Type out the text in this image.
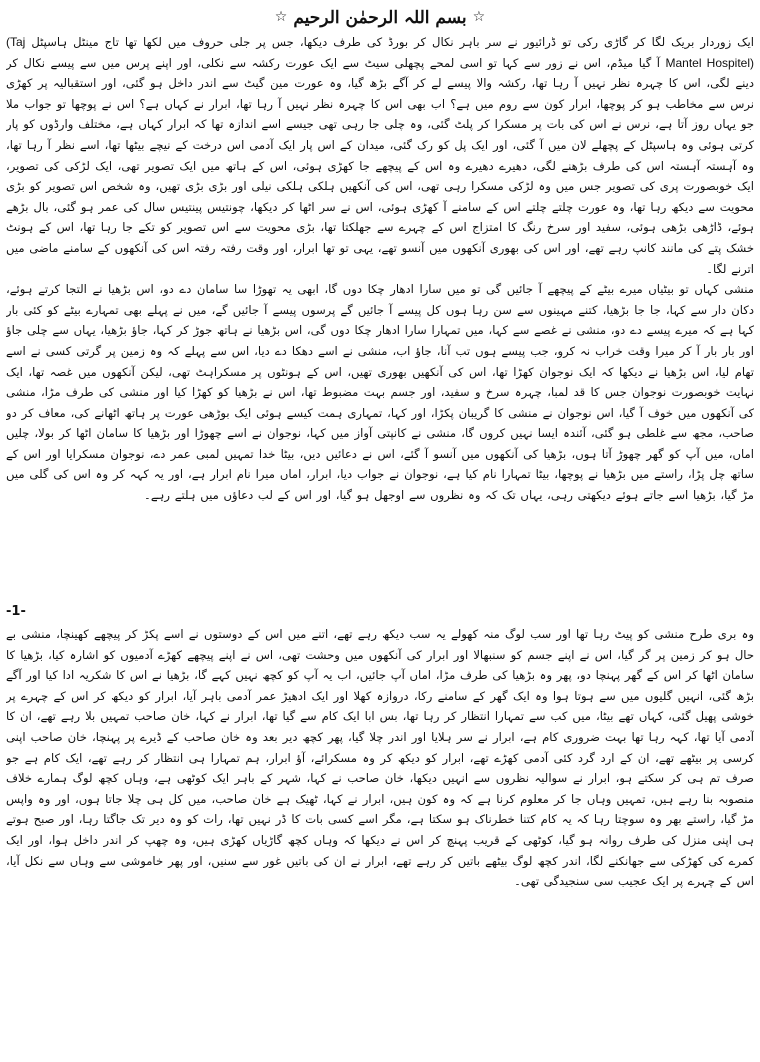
☆ بسم اللہ الرحمٰن الرحیم ☆

ایک زوردار بریک لگا کر گاڑی رکی تو ڈرائیور نے سر باہر نکال کر بورڈ کی طرف دیکھا، جس پر جلی حروف میں لکھا تھا تاج مینٹل ہاسپٹل (Taj Mantel Hospitel) آ گیا میڈم، اس نے زور سے کہا تو اسی لمحے پچھلی سیٹ سے ایک عورت رکشہ سے نکلی، اور اپنے پرس میں سے پیسے نکال کر دینے لگی، اس کا چہرہ نظر نہیں آ رہا تھا، رکشہ والا پیسے لے کر آگے بڑھ گیا، وہ عورت مین گیٹ سے اندر داخل ہو گئی، اور استقبالیہ پر کھڑی نرس سے مخاطب ہو کر پوچھا، ابرار کون سے روم میں ہے؟ اب بھی اس کا چہرہ نظر نہیں آ رہا تھا، ابرار نے کہاں ہے؟ اس نے پوچھا تو جواب ملا جو یہاں روز آتا ہے، نرس نے اس کی بات پر مسکرا کر پلٹ گئی، وہ چلی جا رہی تھی جیسے اسے اندازہ تھا کہ ابرار کہاں ہے، مختلف وارڈوں کو پار کرتی ہوئی وہ ہاسپٹل کے پچھلے لان میں آ گئی، اور ایک پل کو رک گئی، میدان کے اس پار ایک آدمی اس درخت کے نیچے بیٹھا تھا، اسے نظر آ رہا تھا، وہ آہستہ آہستہ اس کی طرف بڑھنے لگی، دھیرے دھیرے وہ اس کے پیچھے جا کھڑی ہوئی، اس کے ہاتھ میں ایک تصویر تھی، ایک لڑکی کی تصویر، ایک خوبصورت پری کی تصویر جس میں وہ لڑکی مسکرا رہی تھی، اس کی آنکھیں ہلکی ہلکی نیلی اور بڑی بڑی تھیں، وہ شخص اس تصویر کو بڑی محویت سے دیکھ رہا تھا، وہ عورت چلتے چلتے اس کے سامنے آ کھڑی ہوئی، اس نے سر اٹھا کر دیکھا، چونتیس پینتیس سال کی عمر ہو گئی، بال بڑھے ہوئے، ڈاڑھی بڑھی ہوئی، سفید اور سرخ رنگ کا امتزاج اس کے چہرے سے جھلکتا تھا، بڑی محویت سے اس تصویر کو تکے جا رہا تھا، اس کے ہونٹ خشک پتے کی مانند کانپ رہے تھے، اور اس کی بھوری آنکھوں میں آنسو تھے، یہی تو تھا ابرار، اور وقت رفتہ رفتہ اس کی آنکھوں کے سامنے ماضی میں اترنے لگا۔

منشی کہاں تو بیٹیاں میرے بیٹے کے پیچھے آ جائیں گی تو میں سارا ادھار چکا دوں گا، ابھی یہ تھوڑا سا سامان دے دو، اس بڑھیا نے التجا کرتے ہوئے، دکان دار سے کہا، جا جا بڑھیا، کتنے مہینوں سے سن رہا ہوں کل پیسے آ جائیں گے پرسوں پیسے آ جائیں گے، میں نے پہلے بھی تمہارے بیٹے کو کئی بار کہا ہے کہ میرے پیسے دے دو، منشی نے غصے سے کہا، میں تمہارا سارا ادھار چکا دوں گی، اس بڑھیا نے ہاتھ جوڑ کر کہا، جاؤ بڑھیا، یہاں سے چلی جاؤ اور بار بار آ کر میرا وقت خراب نہ کرو، جب پیسے ہوں تب آنا، جاؤ اب، منشی نے اسے دھکا دے دیا، اس سے پہلے کہ وہ زمین پر گرتی کسی نے اسے تھام لیا، اس بڑھیا نے دیکھا کہ ایک نوجوان کھڑا تھا، اس کی آنکھیں بھوری تھیں، اس کے ہونٹوں پر مسکراہٹ تھی، لیکن آنکھوں میں غصہ تھا، ایک نہایت خوبصورت نوجوان جس کا قد لمبا، چہرہ سرخ و سفید، اور جسم بہت مضبوط تھا، اس نے بڑھیا کو کھڑا کیا اور منشی کی طرف مڑا، منشی کی آنکھوں میں خوف آ گیا، اس نوجوان نے منشی کا گریبان پکڑا، اور کہا، تمہاری ہمت کیسے ہوئی ایک بوڑھی عورت پر ہاتھ اٹھانے کی، معاف کر دو صاحب، مجھ سے غلطی ہو گئی، آئندہ ایسا نہیں کروں گا، منشی نے کانپتی آواز میں کہا، نوجوان نے اسے چھوڑا اور بڑھیا کا سامان اٹھا کر بولا، چلیں اماں، میں آپ کو گھر چھوڑ آتا ہوں، بڑھیا کی آنکھوں میں آنسو آ گئے، اس نے دعائیں دیں، بیٹا خدا تمہیں لمبی عمر دے، نوجوان مسکرایا اور اس کے ساتھ چل پڑا، راستے میں بڑھیا نے پوچھا، بیٹا تمہارا نام کیا ہے، نوجوان نے جواب دیا، ابرار، اماں میرا نام ابرار ہے، اور یہ کہہ کر وہ اس کی گلی میں مڑ گیا، بڑھیا اسے جاتے ہوئے دیکھتی رہی، یہاں تک کہ وہ نظروں سے اوجھل ہو گیا، اور اس کے لب دعاؤں میں ہلتے رہے۔

-1-

وہ بری طرح منشی کو پیٹ رہا تھا اور سب لوگ منہ کھولے یہ سب دیکھ رہے تھے، اتنے میں اس کے دوستوں نے اسے پکڑ کر پیچھے کھینچا، منشی بے حال ہو کر زمین پر گر گیا، اس نے اپنے جسم کو سنبھالا اور ابرار کی آنکھوں میں وحشت تھی، اس نے اپنے پیچھے کھڑے آدمیوں کو اشارہ کیا، بڑھیا کا سامان اٹھا کر اس کے گھر پہنچا دو، پھر وہ بڑھیا کی طرف مڑا، اماں آپ جائیں، اب یہ آپ کو کچھ نہیں کہے گا، بڑھیا نے اس کا شکریہ ادا کیا اور آگے بڑھ گئی، انہیں گلیوں میں سے ہوتا ہوا وہ ایک گھر کے سامنے رکا، دروازہ کھلا اور ایک ادھیڑ عمر آدمی باہر آیا، ابرار کو دیکھ کر اس کے چہرے پر خوشی پھیل گئی، کہاں تھے بیٹا، میں کب سے تمہارا انتظار کر رہا تھا، بس ابا ایک کام سے گیا تھا، ابرار نے کہا، خان صاحب تمہیں بلا رہے تھے، ان کا آدمی آیا تھا، کہہ رہا تھا بہت ضروری کام ہے، ابرار نے سر ہلایا اور اندر چلا گیا، پھر کچھ دیر بعد وہ خان صاحب کے ڈیرے پر پہنچا، خان صاحب اپنی کرسی پر بیٹھے تھے، ان کے ارد گرد کئی آدمی کھڑے تھے، ابرار کو دیکھ کر وہ مسکرائے، آؤ ابرار، ہم تمہارا ہی انتظار کر رہے تھے، ایک کام ہے جو صرف تم ہی کر سکتے ہو، ابرار نے سوالیہ نظروں سے انہیں دیکھا، خان صاحب نے کہا، شہر کے باہر ایک کوٹھی ہے، وہاں کچھ لوگ ہمارے خلاف منصوبہ بنا رہے ہیں، تمہیں وہاں جا کر معلوم کرنا ہے کہ وہ کون ہیں، ابرار نے کہا، ٹھیک ہے خان صاحب، میں کل ہی چلا جاتا ہوں، اور وہ واپس مڑ گیا، راستے بھر وہ سوچتا رہا کہ یہ کام کتنا خطرناک ہو سکتا ہے، مگر اسے کسی بات کا ڈر نہیں تھا، رات کو وہ دیر تک جاگتا رہا، اور صبح ہوتے ہی اپنی منزل کی طرف روانہ ہو گیا، کوٹھی کے قریب پہنچ کر اس نے دیکھا کہ وہاں کچھ گاڑیاں کھڑی ہیں، وہ چھپ کر اندر داخل ہوا، اور ایک کمرے کی کھڑکی سے جھانکنے لگا، اندر کچھ لوگ بیٹھے باتیں کر رہے تھے، ابرار نے ان کی باتیں غور سے سنیں، اور پھر خاموشی سے وہاں سے نکل آیا، اس کے چہرے پر ایک عجیب سی سنجیدگی تھی۔
